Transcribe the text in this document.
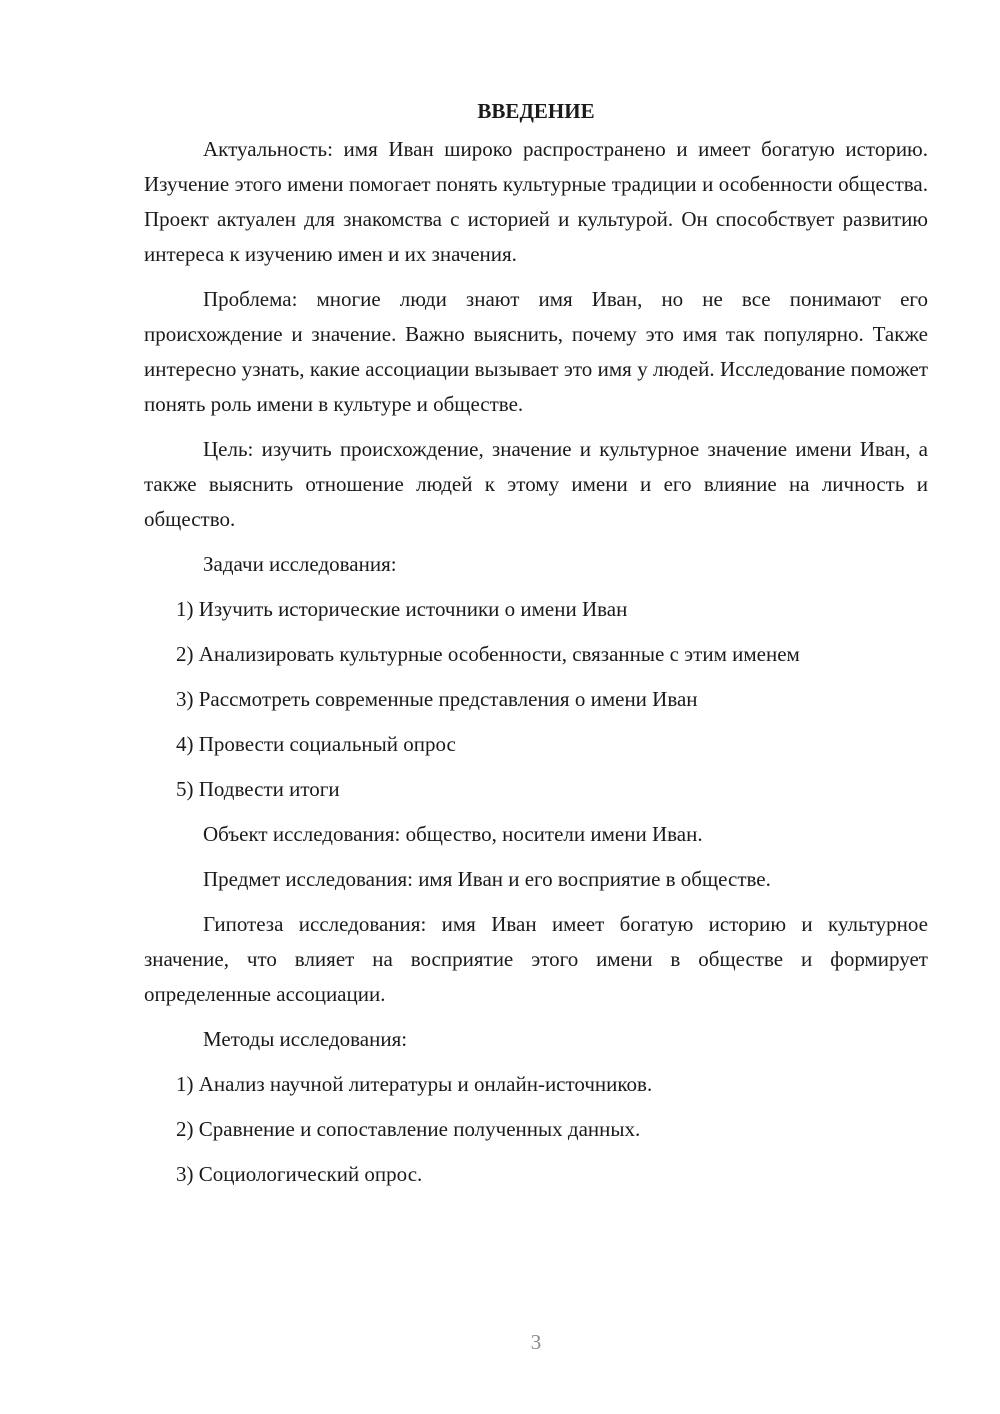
ВВЕДЕНИЕ

Актуальность: имя Иван широко распространено и имеет богатую историю. Изучение этого имени помогает понять культурные традиции и особенности общества. Проект актуален для знакомства с историей и культурой. Он способствует развитию интереса к изучению имен и их значения.

Проблема: многие люди знают имя Иван, но не все понимают его происхождение и значение. Важно выяснить, почему это имя так популярно. Также интересно узнать, какие ассоциации вызывает это имя у людей. Исследование поможет понять роль имени в культуре и обществе.

Цель: изучить происхождение, значение и культурное значение имени Иван, а также выяснить отношение людей к этому имени и его влияние на личность и общество.

Задачи исследования:

1) Изучить исторические источники о имени Иван
2) Анализировать культурные особенности, связанные с этим именем
3) Рассмотреть современные представления о имени Иван
4) Провести социальный опрос
5) Подвести итоги

Объект исследования: общество, носители имени Иван.

Предмет исследования: имя Иван и его восприятие в обществе.

Гипотеза исследования: имя Иван имеет богатую историю и культурное значение, что влияет на восприятие этого имени в обществе и формирует определенные ассоциации.

Методы исследования:

1) Анализ научной литературы и онлайн-источников.
2) Сравнение и сопоставление полученных данных.
3) Социологический опрос.
3
